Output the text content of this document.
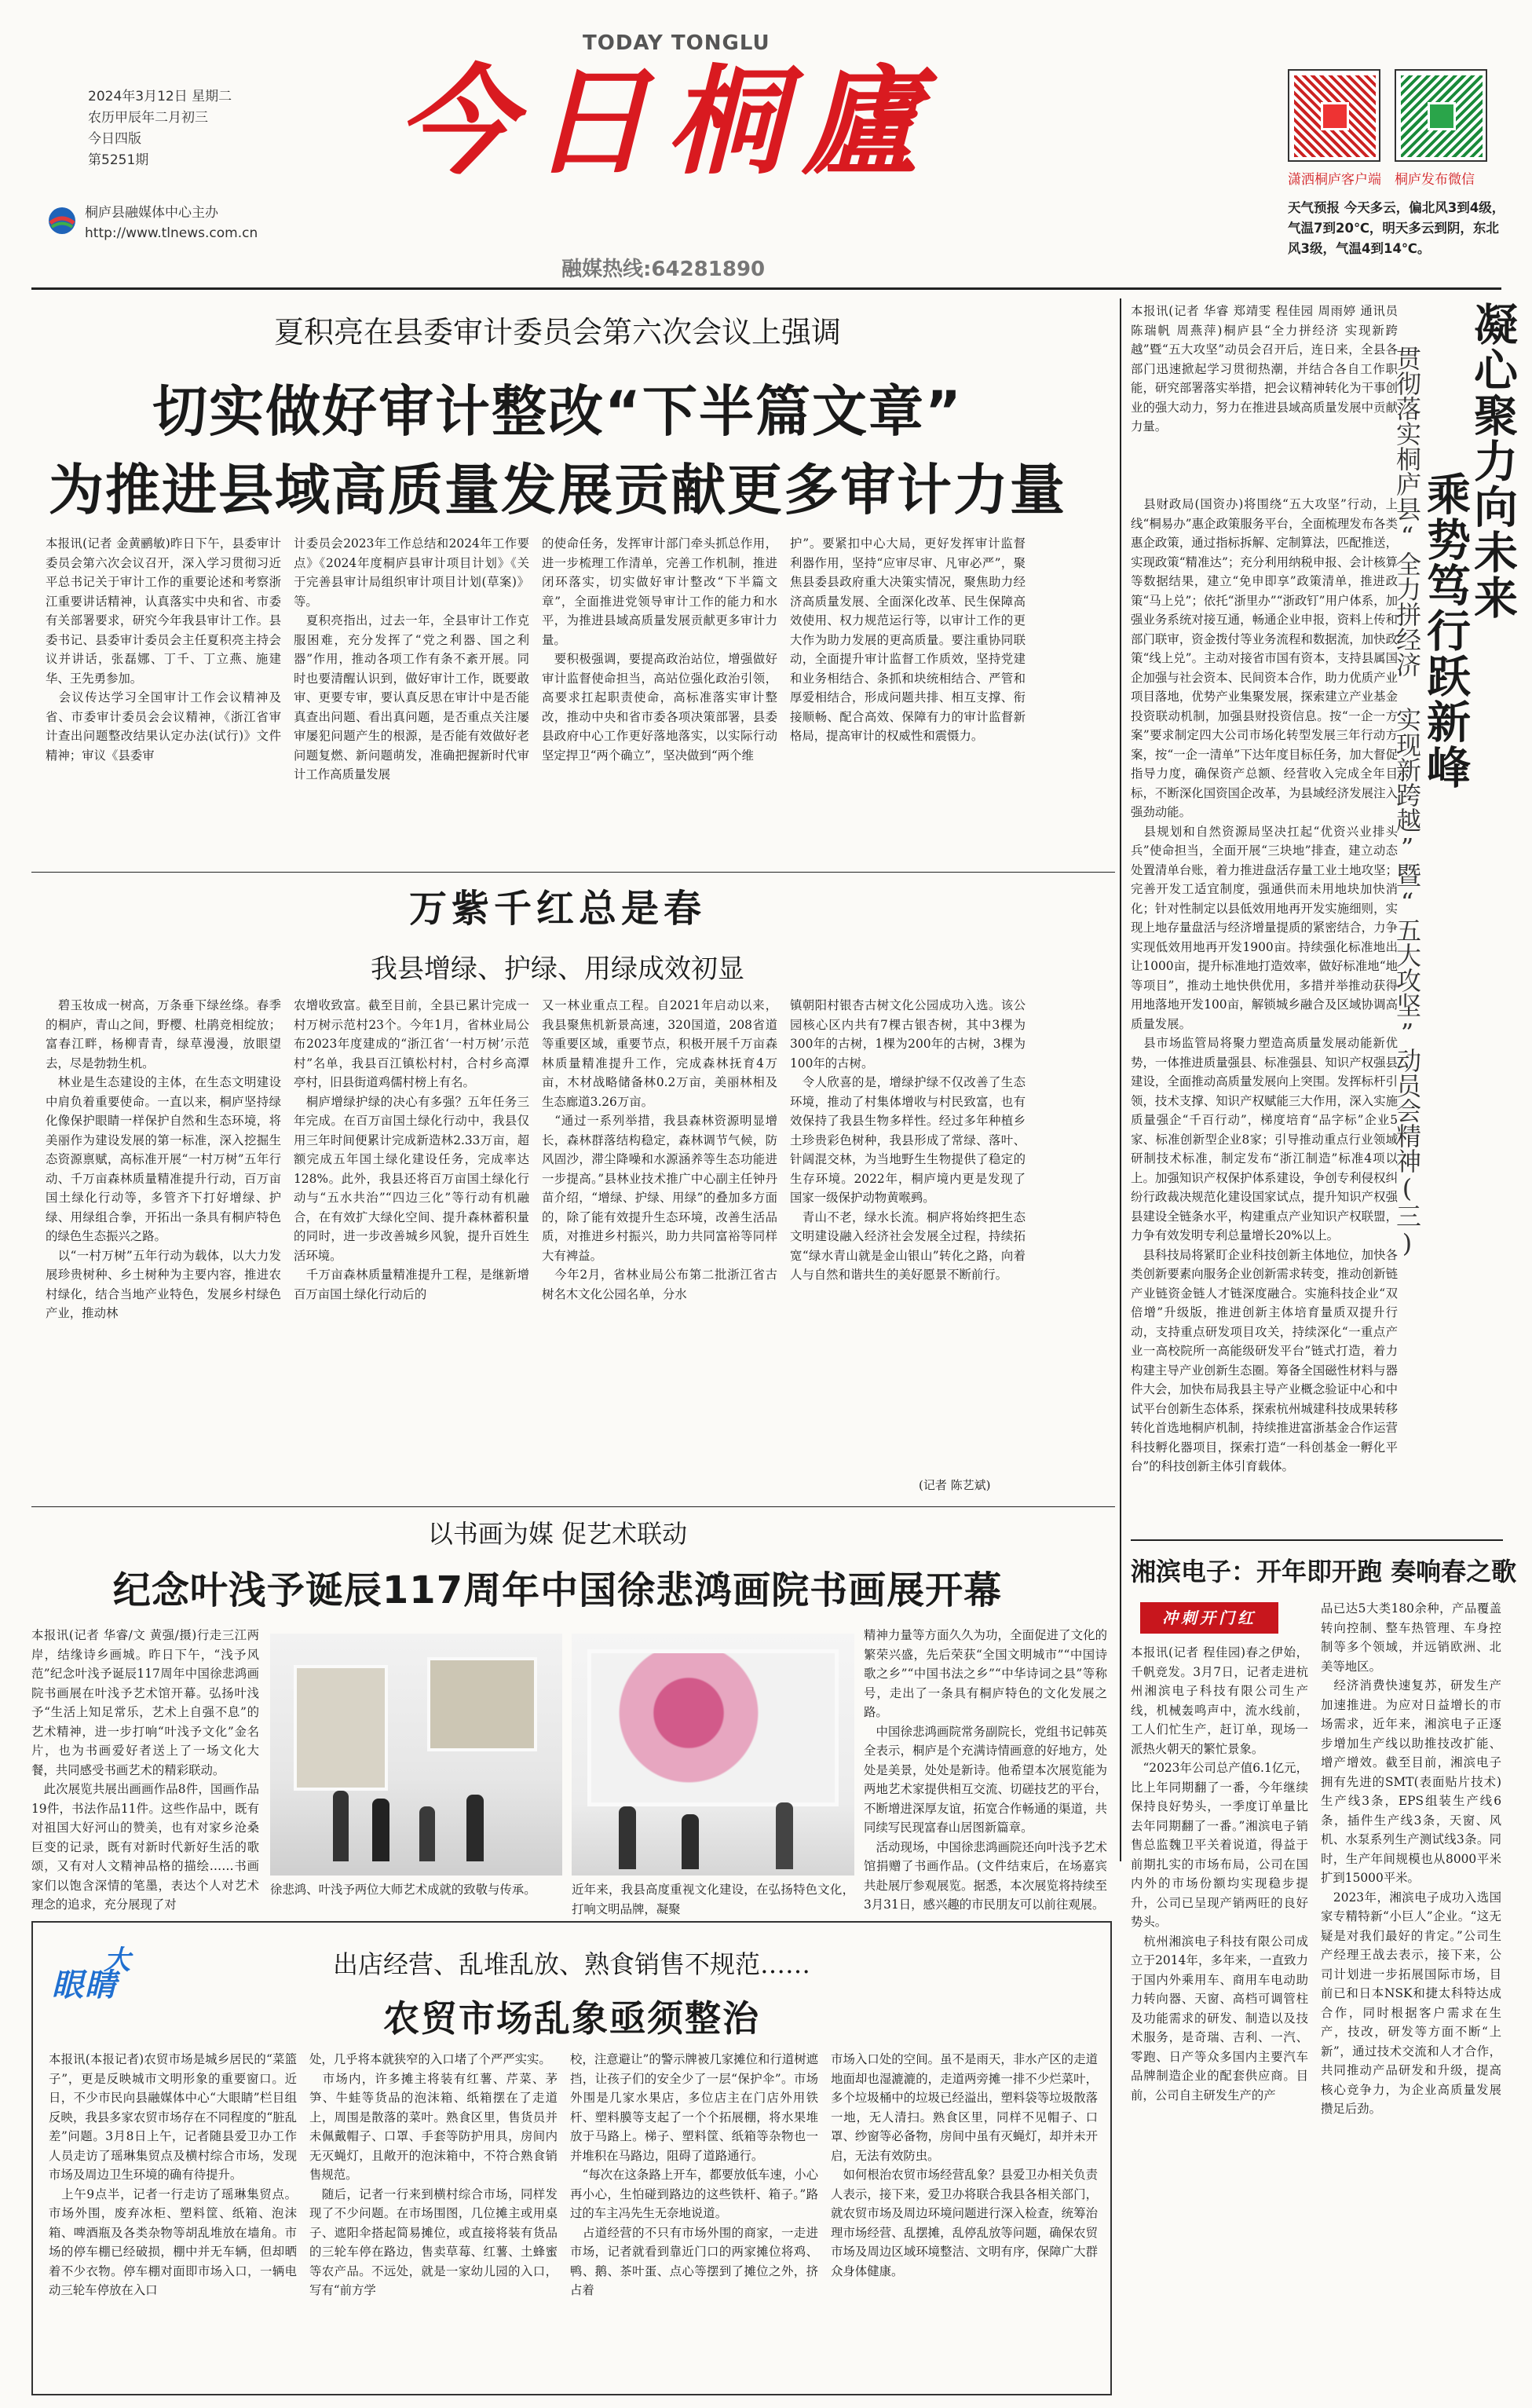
TODAY TONGLU
今日桐廬
融媒热线:64281890
2024年3月12日 星期二
农历甲辰年二月初三
今日四版
第5251期
桐庐县融媒体中心主办
http://www.tlnews.com.cn
潇洒桐庐客户端 桐庐发布微信
天气预报 今天多云，偏北风3到4级，气温7到20℃，明天多云到阴，东北风3级，气温4到14℃。
夏积亮在县委审计委员会第六次会议上强调
切实做好审计整改“下半篇文章”
为推进县域高质量发展贡献更多审计力量
本报讯(记者 金黄鹂敏)昨日下午，县委审计委员会第六次会议召开，深入学习贯彻习近平总书记关于审计工作的重要论述和考察浙江重要讲话精神，认真落实中央和省、市委有关部署要求，研究今年我县审计工作。县委书记、县委审计委员会主任夏积亮主持会议并讲话，张磊娜、丁千、丁立燕、施建华、王先勇参加。
　会议传达学习全国审计工作会议精神及省、市委审计委员会会议精神，《浙江省审计查出问题整改结果认定办法(试行)》文件精神；审议《县委审
计委员会2023年工作总结和2024年工作要点》《2024年度桐庐县审计项目计划》《关于完善县审计局组织审计项目计划(草案)》等。
　夏积亮指出，过去一年，全县审计工作克服困难，充分发挥了“党之利器、国之利器”作用，推动各项工作有条不紊开展。同时也要清醒认识到，做好审计工作，既要敢审、更要专审，要认真反思在审计中是否能真查出问题、看出真问题，是否重点关注屡审屡犯问题产生的根源，是否能有效做好老问题复燃、新问题萌发，准确把握新时代审计工作高质量发展
的使命任务，发挥审计部门牵头抓总作用，进一步梳理工作清单，完善工作机制，推进闭环落实，切实做好审计整改“下半篇文章”，全面推进党领导审计工作的能力和水平，为推进县域高质量发展贡献更多审计力量。
　要积极强调，要提高政治站位，增强做好审计监督使命担当，高站位强化政治引领，高要求扛起职责使命，高标准落实审计整改，推动中央和省市委各项决策部署，县委县政府中心工作更好落地落实，以实际行动坚定捍卫“两个确立”，坚决做到“两个维
护”。要紧扣中心大局，更好发挥审计监督利器作用，坚持“应审尽审、凡审必严”，聚焦县委县政府重大决策实情况，聚焦助力经济高质量发展、全面深化改革、民生保障高效使用、权力规范运行等，以审计工作的更大作为助力发展的更高质量。要注重协同联动，全面提升审计监督工作质效，坚持党建和业务相结合、条抓和块统相结合、严管和厚爱相结合，形成问题共排、相互支撑、衔接顺畅、配合高效、保障有力的审计监督新格局，提高审计的权威性和震慑力。
本报讯(记者 华睿 郑靖雯 程佳园 周雨婷 通讯员 陈瑞帆 周燕萍)桐庐县“全力拼经济 实现新跨越”暨“五大攻坚”动员会召开后，连日来，全县各部门迅速掀起学习贯彻热潮，并结合各自工作职能，研究部署落实举措，把会议精神转化为干事创业的强大动力，努力在推进县域高质量发展中贡献力量。	凝心聚力向未来
乘势笃行跃新峰
贯彻落实桐庐县“全力拼经济 实现新跨越”暨“五大攻坚”动员会精神(三)
　县财政局(国资办)将围绕“五大攻坚”行动，上线“桐易办”惠企政策服务平台，全面梳理发布各类惠企政策，通过指标拆解、定制算法，匹配推送，实现政策“精准达”；充分利用纳税申报、会计核算等数据结果，建立“免申即享”政策清单，推进政策“马上兑”；依托“浙里办”“浙政钉”用户体系，加强业务系统对接互通，畅通企业申报，资料上传和部门联审，资金拨付等业务流程和数据流，加快政策“线上兑”。主动对接省市国有资本，支持县属国企加强与社会资本、民间资本合作，助力优质产业项目落地，优势产业集聚发展，探索建立产业基金投资联动机制，加强县财投资信息。按“一企一方案”要求制定四大公司市场化转型发展三年行动方案，按“一企一清单”下达年度目标任务，加大督促指导力度，确保资产总额、经营收入完成全年目标，不断深化国资国企改革，为县域经济发展注入强劲动能。
　县规划和自然资源局坚决扛起“优资兴业排头兵”使命担当，全面开展“三块地”排查，建立动态处置清单台账，着力推进盘活存量工业土地攻坚；完善开发工适宜制度，强通供而未用地块加快消化；针对性制定以县低效用地再开发实施细则，实现上地存量盘活与经济增量提质的紧密结合，力争实现低效用地再开发1900亩。持续强化标准地出让1000亩，提升标准地打造效率，做好标准地“地等项目”，推动土地快供优用，多措并举推动获得用地落地开发100亩，解锁城乡融合及区域协调高质量发展。
　县市场监管局将聚力塑造高质量发展动能新优势，一体推进质量强县、标准强县、知识产权强县建设，全面推动高质量发展向上突围。发挥标杆引领，技术支撑、知识产权赋能三大作用，深入实施质量强企“千百行动”，梯度培育“品字标”企业5家、标准创新型企业8家；引导推动重点行业领域研制技术标准，制定发布“浙江制造”标准4项以上。加强知识产权保护体系建设，争创专利侵权纠纷行政裁决规范化建设国家试点，提升知识产权强县建设全链条水平，构建重点产业知识产权联盟，力争有效发明专利总量增长20%以上。
　县科技局将紧盯企业科技创新主体地位，加快各类创新要素向服务企业创新需求转变，推动创新链产业链资金链人才链深度融合。实施科技企业“双倍增”升级版，推进创新主体培育量质双提升行动，支持重点研发项目攻关，持续深化“一重点产业一高校院所一高能级研发平台”链式打造，着力构建主导产业创新生态圈。筹备全国磁性材料与器件大会，加快布局我县主导产业概念验证中心和中试平台创新生态体系，探索杭州城建科技成果转移转化首选地桐庐机制，持续推进富浙基金合作运营科技孵化器项目，探索打造“一科创基金一孵化平台”的科技创新主体引育载体。
万紫千红总是春
我县增绿、护绿、用绿成效初显
　碧玉妆成一树高，万条垂下绿丝绦。春季的桐庐，青山之间，野樱、杜鹃竞相绽放；富春江畔，杨柳青青，绿草漫漫，放眼望去，尽是勃勃生机。
　林业是生态建设的主体，在生态文明建设中肩负着重要使命。一直以来，桐庐坚持绿化像保护眼睛一样保护自然和生态环境，将美丽作为建设发展的第一标准，深入挖掘生态资源禀赋，高标准开展“一村万树”五年行动、千万亩森林质量精准提升行动，百万亩国土绿化行动等，多管齐下打好增绿、护绿、用绿组合拳，开拓出一条具有桐庐特色的绿色生态振兴之路。
　以“一村万树”五年行动为载体，以大力发展珍贵树种、乡土树种为主要内容，推进农村绿化，结合当地产业特色，发展乡村绿色产业，推动林
农增收致富。截至目前，全县已累计完成一村万树示范村23个。今年1月，省林业局公布2023年度建成的“浙江省‘一村万树’示范村”名单，我县百江镇松村村，合村乡高潭亭村，旧县街道鸡儒村榜上有名。
　桐庐增绿护绿的决心有多强？五年任务三年完成。在百万亩国土绿化行动中，我县仅用三年时间便累计完成新造林2.33万亩，超额完成五年国土绿化建设任务，完成率达128%。此外，我县还将百万亩国土绿化行动与“五水共治”“四边三化”等行动有机融合，在有效扩大绿化空间、提升森林蓄积量的同时，进一步改善城乡风貌，提升百姓生活环境。
　千万亩森林质量精准提升工程，是继新增百万亩国土绿化行动后的
又一林业重点工程。自2021年启动以来，我县聚焦机新景高速，320国道，208省道等重要区域，重要节点，积极开展千万亩森林质量精准提升工作，完成森林抚育4万亩，木材战略储备林0.2万亩，美丽林相及生态廊道3.26万亩。
　“通过一系列举措，我县森林资源明显增长，森林群落结构稳定，森林调节气候，防风固沙，滞尘降噪和水源涵养等生态功能进一步提高。”县林业技术推广中心副主任钟丹苗介绍，“增绿、护绿、用绿”的叠加多方面的，除了能有效提升生态环境，改善生活品质，对推进乡村振兴，助力共同富裕等同样大有裨益。
　今年2月，省林业局公布第二批浙江省古树名木文化公园名单，分水
镇朝阳村银杏古树文化公园成功入选。该公园核心区内共有7棵古银杏树，其中3棵为300年的古树，1棵为200年的古树，3棵为100年的古树。
　令人欣喜的是，增绿护绿不仅改善了生态环境，推动了村集体增收与村民致富，也有效保持了我县生物多样性。经过多年种植乡土珍贵彩色树种，我县形成了常绿、落叶、针阔混交林，为当地野生生物提供了稳定的生存环境。2022年，桐庐境内更是发现了国家一级保护动物黄喉鹀。
　青山不老，绿水长流。桐庐将始终把生态文明建设融入经济社会发展全过程，持续拓宽“绿水青山就是金山银山”转化之路，向着人与自然和谐共生的美好愿景不断前行。
(记者 陈艺斌)
以书画为媒 促艺术联动
纪念叶浅予诞辰117周年中国徐悲鸿画院书画展开幕
本报讯(记者 华睿/文 黄强/摄)行走三江两岸，结缘诗乡画城。昨日下午，“浅予风范”纪念叶浅予诞辰117周年中国徐悲鸿画院书画展在叶浅予艺术馆开幕。弘扬叶浅予“生活上知足常乐，艺术上自强不息”的艺术精神，进一步打响“叶浅予文化”金名片，也为书画爱好者送上了一场文化大餐，共同感受书画艺术的精彩联动。
　此次展览共展出画画作品8件，国画作品19件，书法作品11件。这些作品中，既有对祖国大好河山的赞美，也有对家乡沧桑巨变的记录，既有对新时代新好生活的歌颂，又有对人文精神品格的描绘……书画家们以饱含深情的笔墨，表达个人对艺术理念的追求，充分展现了对
徐悲鸿、叶浅予两位大师艺术成就的致敬与传承。	近年来，我县高度重视文化建设，在弘扬特色文化，打响文明品牌，凝聚
精神力量等方面久久为功，全面促进了文化的繁荣兴盛，先后荣获“全国文明城市”“中国诗歌之乡”“中国书法之乡”“中华诗词之县”等称号，走出了一条具有桐庐特色的文化发展之路。
　中国徐悲鸿画院常务副院长，党组书记韩英全表示，桐庐是个充满诗情画意的好地方，处处是美景，处处是新诗。他希望本次展览能为两地艺术家提供相互交流、切磋技艺的平台，不断增进深厚友谊，拓宽合作畅通的渠道，共同续写民现富春山居图新篇章。
　活动现场，中国徐悲鸿画院还向叶浅予艺术馆捐赠了书画作品。(文件结束后，在场嘉宾共赴展厅参观展览。据悉，本次展览将持续至3月31日，感兴趣的市民朋友可以前往观展。
大
眼睛
出店经营、乱堆乱放、熟食销售不规范……
农贸市场乱象亟须整治
本报讯(本报记者)农贸市场是城乡居民的“菜篮子”，更是反映城市文明形象的重要窗口。近日，不少市民向县融媒体中心“大眼睛”栏目组反映，我县多家农贸市场存在不同程度的“脏乱差”问题。3月8日上午，记者随县爱卫办工作人员走访了瑶琳集贸点及横村综合市场，发现市场及周边卫生环境的确有待提升。
　上午9点半，记者一行走访了瑶琳集贸点。市场外围，废弃冰柜、塑料筐、纸箱、泡沫箱、啤酒瓶及各类杂物等胡乱堆放在墙角。市场的停车棚已经破损，棚中并无车辆，但却晒着不少衣物。停车棚对面即市场入口，一辆电动三轮车停放在入口
处，几乎将本就狭窄的入口堵了个严严实实。
　市场内，许多摊主将装有红薯、芹菜、茅笋、牛蛙等货品的泡沫箱、纸箱摆在了走道上，周围是散落的菜叶。熟食区里，售货员并未佩戴帽子、口罩、手套等防护用具，房间内无灭蝇灯，且敞开的泡沫箱中，不符合熟食销售规范。
　随后，记者一行来到横村综合市场，同样发现了不少问题。在市场围图，几位摊主或用桌子、遮阳伞搭起简易摊位，或直接将装有货品的三轮车停在路边，售卖草莓、红薯、土蜂蜜等农产品。不远处，就是一家幼儿园的入口，写有“前方学
校，注意避让”的警示牌被几家摊位和行道树遮挡，让孩子们的安全少了一层“保护伞”。市场外围是几家水果店，多位店主在门店外用铁杆、塑料膜等支起了一个个拓展棚，将水果堆放于马路上。梯子、塑料筐、纸箱等杂物也一并堆积在马路边，阻碍了道路通行。
　“每次在这条路上开车，都要放低车速，小心再小心，生怕碰到路边的这些铁杆、箱子。”路过的车主冯先生无奈地说道。
　占道经营的不只有市场外围的商家，一走进市场，记者就看到靠近门口的两家摊位将鸡、鸭、鹅、茶叶蛋、点心等摆到了摊位之外，挤占着
市场入口处的空间。虽不是雨天，非水产区的走道地面却也湿漉漉的，走道两旁摊一排不少烂菜叶，多个垃圾桶中的垃圾已经溢出，塑料袋等垃圾散落一地，无人清扫。熟食区里，同样不见帽子、口罩、纱窗等必备物，房间中虽有灭蝇灯，却并未开启，无法有效防虫。
　如何根治农贸市场经营乱象？县爱卫办相关负责人表示，接下来，爱卫办将联合我县各相关部门，就农贸市场及周边环境问题进行深入检查，统筹治理市场经营、乱摆摊，乱停乱放等问题，确保农贸市场及周边区域环境整洁、文明有序，保障广大群众身体健康。
湘滨电子：开年即开跑 奏响春之歌
冲刺开门红
本报讯(记者 程佳园)春之伊始，千帆竞发。3月7日，记者走进杭州湘滨电子科技有限公司生产线，机械轰鸣声中，流水线前，工人们忙生产，赶订单，现场一派热火朝天的繁忙景象。
　“2023年公司总产值6.1亿元，比上年同期翻了一番，今年继续保持良好势头，一季度订单量比去年同期翻了一番。”湘滨电子销售总监魏卫平关着说道，得益于前期扎实的市场布局，公司在国内外的市场份额均实现稳步提升，公司已呈现产销两旺的良好势头。
　杭州湘滨电子科技有限公司成立于2014年，多年来，一直致力于国内外乘用车、商用车电动助力转向器、天窗、高档可调管柱及功能需求的研发、制造以及技术服务，是奇瑞、吉利、一汽、零跑、日产等众多国内主要汽车品牌制造企业的配套供应商。目前，公司自主研发生产的产
品已达5大类180余种，产品覆盖转向控制、整车热管理、车身控制等多个领域，并远销欧洲、北美等地区。
　经济消费快速复苏，研发生产加速推进。为应对日益增长的市场需求，近年来，湘滨电子正逐步增加生产线以助推技改扩能、增产增效。截至目前，湘滨电子拥有先进的SMT(表面贴片技术)生产线3条，EPS组装生产线6条，插件生产线3条，天窗、风机、水泵系列生产测试线3条。同时，生产年间规模也从8000平米扩到15000平米。
　2023年，湘滨电子成功入选国家专精特新“小巨人”企业。“这无疑是对我们最好的肯定。”公司生产经理王战去表示，接下来，公司计划进一步拓展国际市场，目前已和日本NSK和捷太科特达成合作，同时根据客户需求在生产，技改，研发等方面不断“上新”，通过技术交流和人才合作，共同推动产品研发和升级，提高核心竞争力，为企业高质量发展攒足后劲。
